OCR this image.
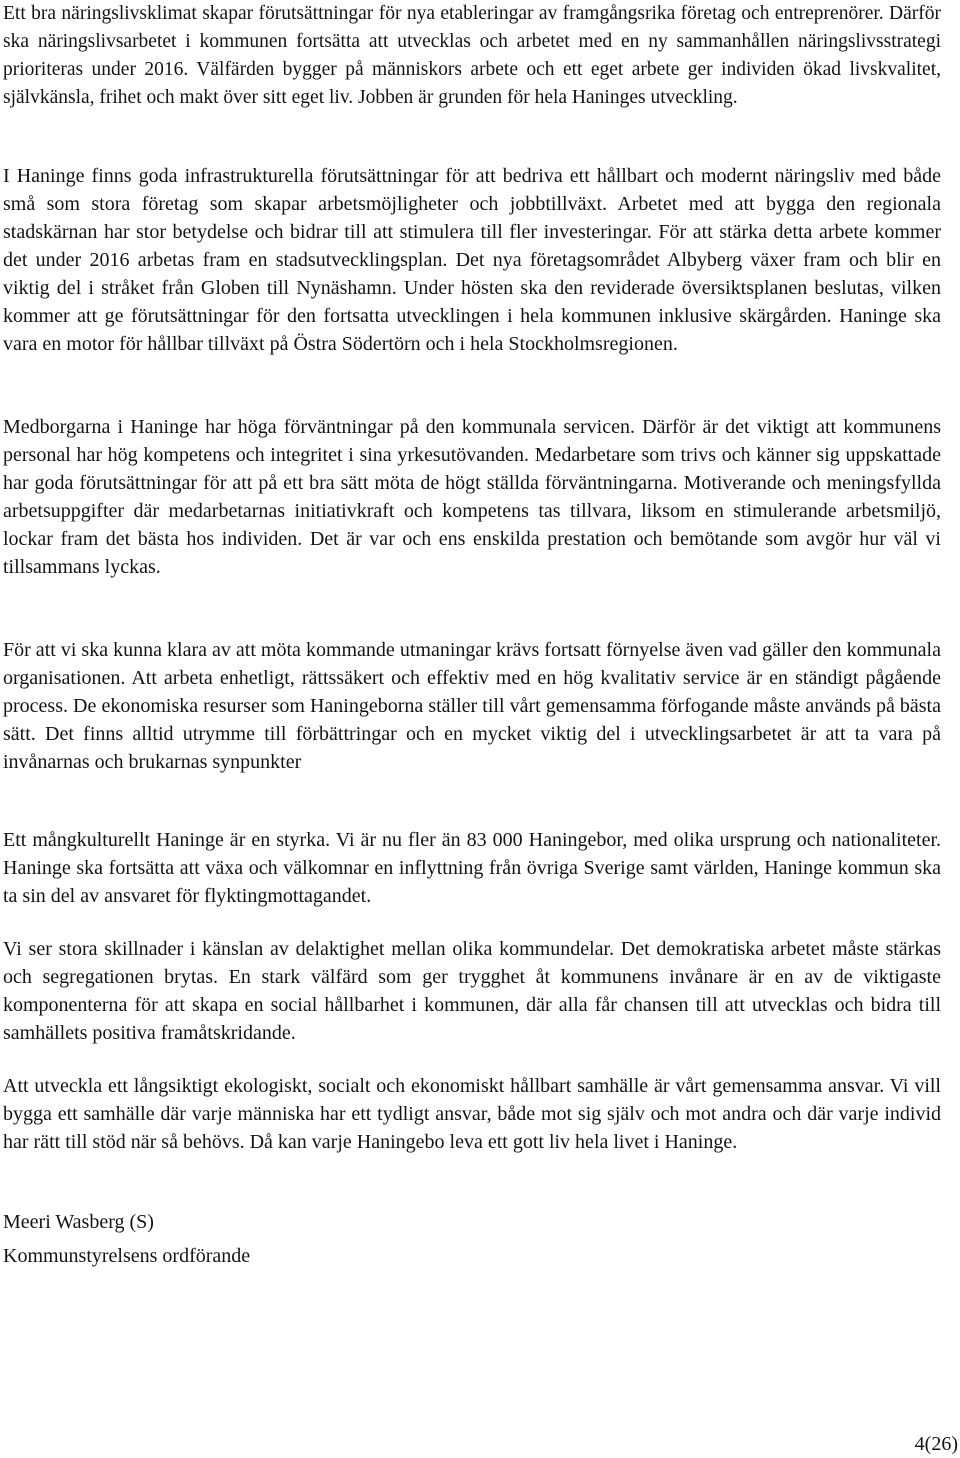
Ett bra näringslivsklimat skapar förutsättningar för nya etableringar av framgångsrika företag och entreprenörer. Därför ska näringslivsarbetet i kommunen fortsätta att utvecklas och arbetet med en ny sammanhållen näringslivsstrategi prioriteras under 2016. Välfärden bygger på människors arbete och ett eget arbete ger individen ökad livskvalitet, självkänsla, frihet och makt över sitt eget liv. Jobben är grunden för hela Haninges utveckling.

I Haninge finns goda infrastrukturella förutsättningar för att bedriva ett hållbart och modernt näringsliv med både små som stora företag som skapar arbetsmöjligheter och jobbtillväxt. Arbetet med att bygga den regionala stadskärnan har stor betydelse och bidrar till att stimulera till fler investeringar. För att stärka detta arbete kommer det under 2016 arbetas fram en stadsutvecklingsplan. Det nya företagsområdet Albyberg växer fram och blir en viktig del i stråket från Globen till Nynäshamn. Under hösten ska den reviderade översiktsplanen beslutas, vilken kommer att ge förutsättningar för den fortsatta utvecklingen i hela kommunen inklusive skärgården. Haninge ska vara en motor för hållbar tillväxt på Östra Södertörn och i hela Stockholmsregionen.

Medborgarna i Haninge har höga förväntningar på den kommunala servicen. Därför är det viktigt att kommunens personal har hög kompetens och integritet i sina yrkesutövanden. Medarbetare som trivs och känner sig uppskattade har goda förutsättningar för att på ett bra sätt möta de högt ställda förväntningarna. Motiverande och meningsfyllda arbetsuppgifter där medarbetarnas initiativkraft och kompetens tas tillvara, liksom en stimulerande arbetsmiljö, lockar fram det bästa hos individen. Det är var och ens enskilda prestation och bemötande som avgör hur väl vi tillsammans lyckas.

För att vi ska kunna klara av att möta kommande utmaningar krävs fortsatt förnyelse även vad gäller den kommunala organisationen. Att arbeta enhetligt, rättssäkert och effektiv med en hög kvalitativ service är en ständigt pågående process. De ekonomiska resurser som Haningeborna ställer till vårt gemensamma förfogande måste används på bästa sätt. Det finns alltid utrymme till förbättringar och en mycket viktig del i utvecklingsarbetet är att ta vara på invånarnas och brukarnas synpunkter

Ett mångkulturellt Haninge är en styrka. Vi är nu fler än 83 000 Haningebor, med olika ursprung och nationaliteter. Haninge ska fortsätta att växa och välkomnar en inflyttning från övriga Sverige samt världen, Haninge kommun ska ta sin del av ansvaret för flyktingmottagandet.

Vi ser stora skillnader i känslan av delaktighet mellan olika kommundelar. Det demokratiska arbetet måste stärkas och segregationen brytas. En stark välfärd som ger trygghet åt kommunens invånare är en av de viktigaste komponenterna för att skapa en social hållbarhet i kommunen, där alla får chansen till att utvecklas och bidra till samhällets positiva framåtskridande.

Att utveckla ett långsiktigt ekologiskt, socialt och ekonomiskt hållbart samhälle är vårt gemensamma ansvar. Vi vill bygga ett samhälle där varje människa har ett tydligt ansvar, både mot sig själv och mot andra och där varje individ har rätt till stöd när så behövs. Då kan varje Haningebo leva ett gott liv hela livet i Haninge.

Meeri Wasberg (S)

Kommunstyrelsens ordförande

4(26)
